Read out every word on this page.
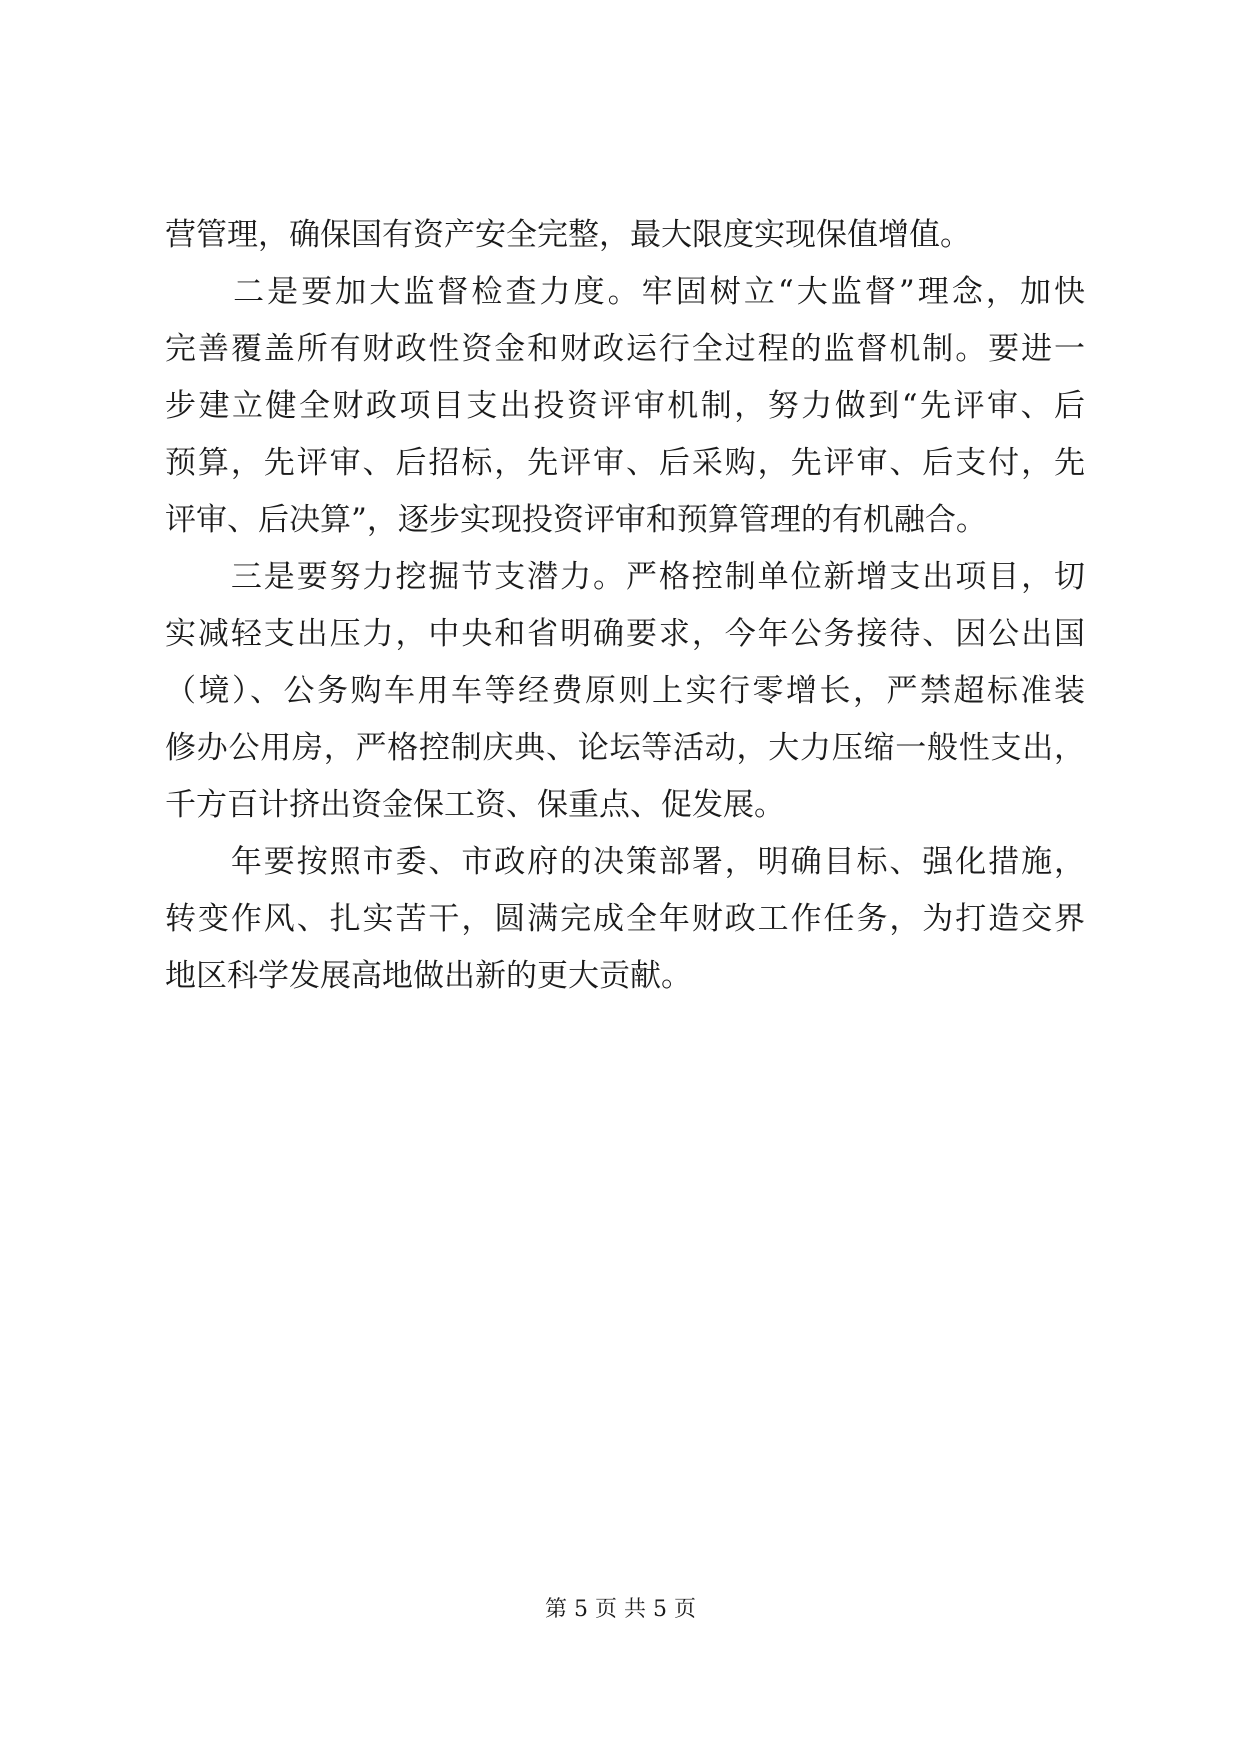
营管理，确保国有资产安全完整，最大限度实现保值增值。
　　二是要加大监督检查力度。牢固树立“大监督”理念，加快
完善覆盖所有财政性资金和财政运行全过程的监督机制。要进一
步建立健全财政项目支出投资评审机制，努力做到“先评审、后
预算，先评审、后招标，先评审、后采购，先评审、后支付，先
评审、后决算”，逐步实现投资评审和预算管理的有机融合。
　　三是要努力挖掘节支潜力。严格控制单位新增支出项目，切
实减轻支出压力，中央和省明确要求，今年公务接待、因公出国
（境）、公务购车用车等经费原则上实行零增长，严禁超标准装
修办公用房，严格控制庆典、论坛等活动，大力压缩一般性支出，
千方百计挤出资金保工资、保重点、促发展。
　　年要按照市委、市政府的决策部署，明确目标、强化措施，
转变作风、扎实苦干，圆满完成全年财政工作任务，为打造交界
地区科学发展高地做出新的更大贡献。
第 5 页 共 5 页
